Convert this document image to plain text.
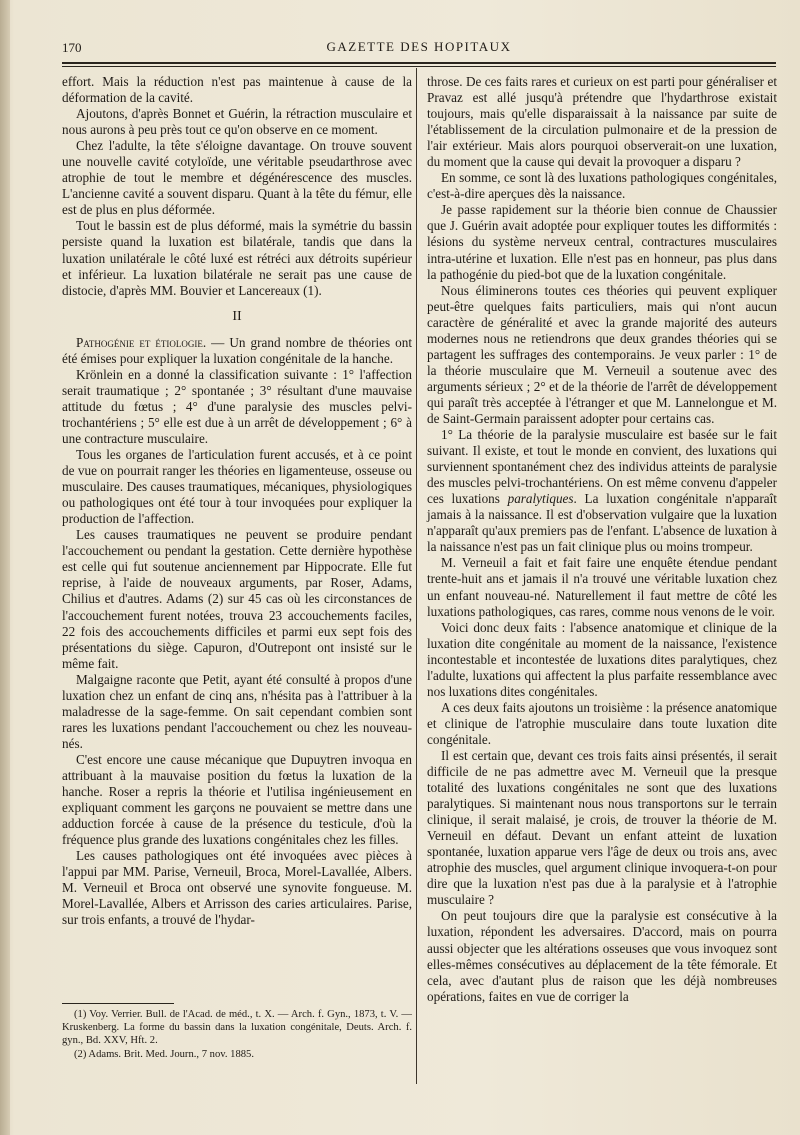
170	GAZETTE DES HOPITAUX

effort. Mais la réduction n'est pas maintenue à cause de la déformation de la cavité.

Ajoutons, d'après Bonnet et Guérin, la rétraction musculaire et nous aurons à peu près tout ce qu'on observe en ce moment.

Chez l'adulte, la tête s'éloigne davantage. On trouve souvent une nouvelle cavité cotyloïde, une véritable pseudarthrose avec atrophie de tout le membre et dégénérescence des muscles. L'ancienne cavité a souvent disparu. Quant à la tête du fémur, elle est de plus en plus déformée.

Tout le bassin est de plus déformé, mais la symétrie du bassin persiste quand la luxation est bilatérale, tandis que dans la luxation unilatérale le côté luxé est rétréci aux détroits supérieur et inférieur. La luxation bilatérale ne serait pas une cause de distocie, d'après MM. Bouvier et Lancereaux (1).

II

Pathogénie et étiologie. — Un grand nombre de théories ont été émises pour expliquer la luxation congénitale de la hanche.

Krönlein en a donné la classification suivante : 1° l'affection serait traumatique ; 2° spontanée ; 3° résultant d'une mauvaise attitude du fœtus ; 4° d'une paralysie des muscles pelvi-trochantériens ; 5° elle est due à un arrêt de développement ; 6° à une contracture musculaire.

Tous les organes de l'articulation furent accusés, et à ce point de vue on pourrait ranger les théories en ligamenteuse, osseuse ou musculaire. Des causes traumatiques, mécaniques, physiologiques ou pathologiques ont été tour à tour invoquées pour expliquer la production de l'affection.

Les causes traumatiques ne peuvent se produire pendant l'accouchement ou pendant la gestation. Cette dernière hypothèse est celle qui fut soutenue anciennement par Hippocrate. Elle fut reprise, à l'aide de nouveaux arguments, par Roser, Adams, Chilius et d'autres. Adams (2) sur 45 cas où les circonstances de l'accouchement furent notées, trouva 23 accouchements faciles, 22 fois des accouchements difficiles et parmi eux sept fois des présentations du siège. Capuron, d'Outrepont ont insisté sur le même fait.

Malgaigne raconte que Petit, ayant été consulté à propos d'une luxation chez un enfant de cinq ans, n'hésita pas à l'attribuer à la maladresse de la sage-femme. On sait cependant combien sont rares les luxations pendant l'accouchement ou chez les nouveau-nés.

C'est encore une cause mécanique que Dupuytren invoqua en attribuant à la mauvaise position du fœtus la luxation de la hanche. Roser a repris la théorie et l'utilisa ingénieusement en expliquant comment les garçons ne pouvaient se mettre dans une adduction forcée à cause de la présence du testicule, d'où la fréquence plus grande des luxations congénitales chez les filles.

Les causes pathologiques ont été invoquées avec pièces à l'appui par MM. Parise, Verneuil, Broca, Morel-Lavallée, Albers. M. Verneuil et Broca ont observé une synovite fongueuse. M. Morel-Lavallée, Albers et Arrisson des caries articulaires. Parise, sur trois enfants, a trouvé de l'hydar-

(1) Voy. Verrier. Bull. de l'Acad. de méd., t. X. — Arch. f. Gyn., 1873, t. V. — Kruskenberg. La forme du bassin dans la luxation congénitale, Deuts. Arch. f. gyn., Bd. XXV, Hft. 2.

(2) Adams. Brit. Med. Journ., 7 nov. 1885.

throse. De ces faits rares et curieux on est parti pour généraliser et Pravaz est allé jusqu'à prétendre que l'hydarthrose existait toujours, mais qu'elle disparaissait à la naissance par suite de l'établissement de la circulation pulmonaire et de la pression de l'air extérieur. Mais alors pourquoi observerait-on une luxation, du moment que la cause qui devait la provoquer a disparu ?

En somme, ce sont là des luxations pathologiques congénitales, c'est-à-dire aperçues dès la naissance.

Je passe rapidement sur la théorie bien connue de Chaussier que J. Guérin avait adoptée pour expliquer toutes les difformités : lésions du système nerveux central, contractures musculaires intra-utérine et luxation. Elle n'est pas en honneur, pas plus dans la pathogénie du pied-bot que de la luxation congénitale.

Nous éliminerons toutes ces théories qui peuvent expliquer peut-être quelques faits particuliers, mais qui n'ont aucun caractère de généralité et avec la grande majorité des auteurs modernes nous ne retiendrons que deux grandes théories qui se partagent les suffrages des contemporains. Je veux parler : 1° de la théorie musculaire que M. Verneuil a soutenue avec des arguments sérieux ; 2° et de la théorie de l'arrêt de développement qui paraît très acceptée à l'étranger et que M. Lannelongue et M. de Saint-Germain paraissent adopter pour certains cas.

1° La théorie de la paralysie musculaire est basée sur le fait suivant. Il existe, et tout le monde en convient, des luxations qui surviennent spontanément chez des individus atteints de paralysie des muscles pelvi-trochantériens. On est même convenu d'appeler ces luxations paralytiques. La luxation congénitale n'apparaît jamais à la naissance. Il est d'observation vulgaire que la luxation n'apparaît qu'aux premiers pas de l'enfant. L'absence de luxation à la naissance n'est pas un fait clinique plus ou moins trompeur.

M. Verneuil a fait et fait faire une enquête étendue pendant trente-huit ans et jamais il n'a trouvé une véritable luxation chez un enfant nouveau-né. Naturellement il faut mettre de côté les luxations pathologiques, cas rares, comme nous venons de le voir.

Voici donc deux faits : l'absence anatomique et clinique de la luxation dite congénitale au moment de la naissance, l'existence incontestable et incontestée de luxations dites paralytiques, chez l'adulte, luxations qui affectent la plus parfaite ressemblance avec nos luxations dites congénitales.

A ces deux faits ajoutons un troisième : la présence anatomique et clinique de l'atrophie musculaire dans toute luxation dite congénitale.

Il est certain que, devant ces trois faits ainsi présentés, il serait difficile de ne pas admettre avec M. Verneuil que la presque totalité des luxations congénitales ne sont que des luxations paralytiques. Si maintenant nous nous transportons sur le terrain clinique, il serait malaisé, je crois, de trouver la théorie de M. Verneuil en défaut. Devant un enfant atteint de luxation spontanée, luxation apparue vers l'âge de deux ou trois ans, avec atrophie des muscles, quel argument clinique invoquera-t-on pour dire que la luxation n'est pas due à la paralysie et à l'atrophie musculaire ?

On peut toujours dire que la paralysie est consécutive à la luxation, répondent les adversaires. D'accord, mais on pourra aussi objecter que les altérations osseuses que vous invoquez sont elles-mêmes consécutives au déplacement de la tête fémorale. Et cela, avec d'autant plus de raison que les déjà nombreuses opérations, faites en vue de corriger la
